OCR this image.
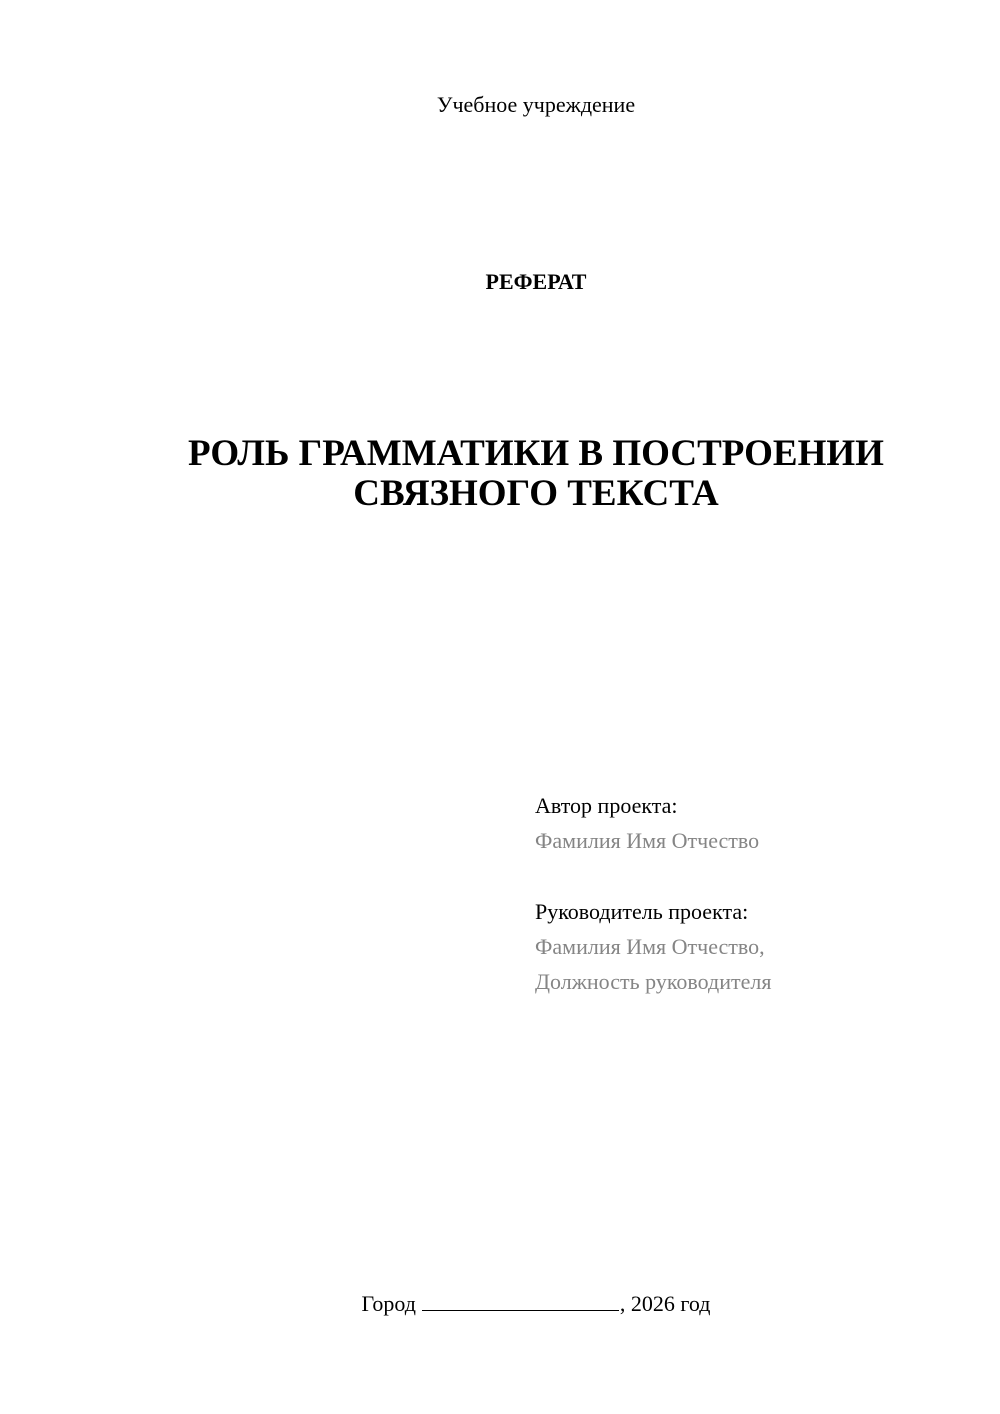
Учебное учреждение
РЕФЕРАТ
РОЛЬ ГРАММАТИКИ В ПОСТРОЕНИИ
СВЯЗНОГО ТЕКСТА
Автор проекта:
Фамилия Имя Отчество
Руководитель проекта:
Фамилия Имя Отчество,
Должность руководителя
Город	, 2026 год
